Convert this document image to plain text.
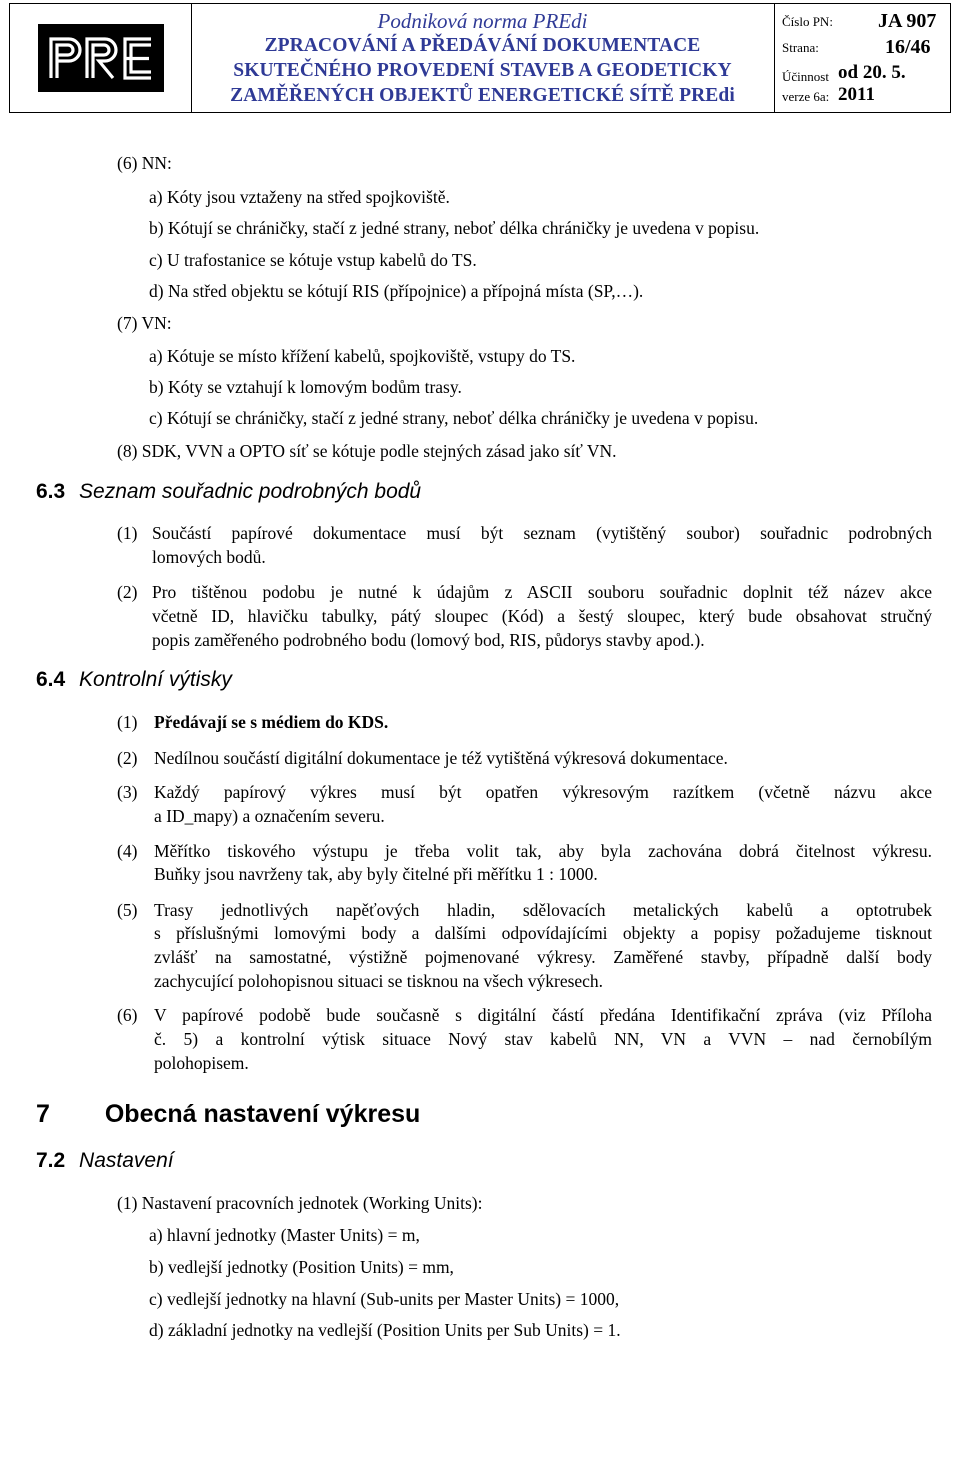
Podniková norma PREdi
ZPRACOVÁNÍ A PŘEDÁVÁNÍ DOKUMENTACE
SKUTEČNÉHO PROVEDENÍ STAVEB A GEODETICKY
ZAMĚŘENÝCH OBJEKTŮ ENERGETICKÉ SÍTĚ PREdi
Číslo PN: JA 907
Strana:	16/46
Účinnost od 20. 5. 2011
verze 6a:
(6) NN:
a) Kóty jsou vztaženy na střed spojkoviště.
b) Kótují se chráničky, stačí z jedné strany, neboť délka chráničky je uvedena v popisu.
c) U trafostanice se kótuje vstup kabelů do TS.
d) Na střed objektu se kótují RIS (přípojnice) a přípojná místa (SP,…).
(7) VN:
a) Kótuje se místo křížení kabelů, spojkoviště, vstupy do TS.
b) Kóty se vztahují k lomovým bodům trasy.
c) Kótují se chráničky, stačí z jedné strany, neboť délka chráničky je uvedena v popisu.
(8) SDK, VVN a OPTO síť se kótuje podle stejných zásad jako síť VN.
6.3 Seznam souřadnic podrobných bodů
(1) Součástí papírové dokumentace musí být seznam (vytištěný soubor) souřadnic podrobných
lomových bodů.
(2) Pro tištěnou podobu je nutné k údajům z ASCII souboru souřadnic doplnit též název akce
včetně ID, hlavičku tabulky, pátý sloupec (Kód) a šestý sloupec, který bude obsahovat stručný
popis zaměřeného podrobného bodu (lomový bod, RIS, půdorys stavby apod.).
6.4 Kontrolní výtisky
(1) Předávají se s médiem do KDS.
(2) Nedílnou součástí digitální dokumentace je též vytištěná výkresová dokumentace.
(3) Každý papírový výkres musí být opatřen výkresovým razítkem (včetně názvu akce
a ID_mapy) a označením severu.
(4) Měřítko tiskového výstupu je třeba volit tak, aby byla zachována dobrá čitelnost výkresu.
Buňky jsou navrženy tak, aby byly čitelné při měřítku 1 : 1000.
(5) Trasy jednotlivých napěťových hladin, sdělovacích metalických kabelů a optotrubek
s příslušnými lomovými body a dalšími odpovídajícími objekty a popisy požadujeme tisknout
zvlášť na samostatné, výstižně pojmenované výkresy. Zaměřené stavby, případně další body
zachycující polohopisnou situaci se tisknou na všech výkresech.
(6) V papírové podobě bude současně s digitální částí předána Identifikační zpráva (viz Příloha
č. 5) a kontrolní výtisk situace Nový stav kabelů NN, VN a VVN – nad černobílým
polohopisem.
7 Obecná nastavení výkresu
7.2 Nastavení
(1) Nastavení pracovních jednotek (Working Units):
a) hlavní jednotky (Master Units) = m,
b) vedlejší jednotky (Position Units) = mm,
c) vedlejší jednotky na hlavní (Sub-units per Master Units) = 1000,
d) základní jednotky na vedlejší (Position Units per Sub Units) = 1.
